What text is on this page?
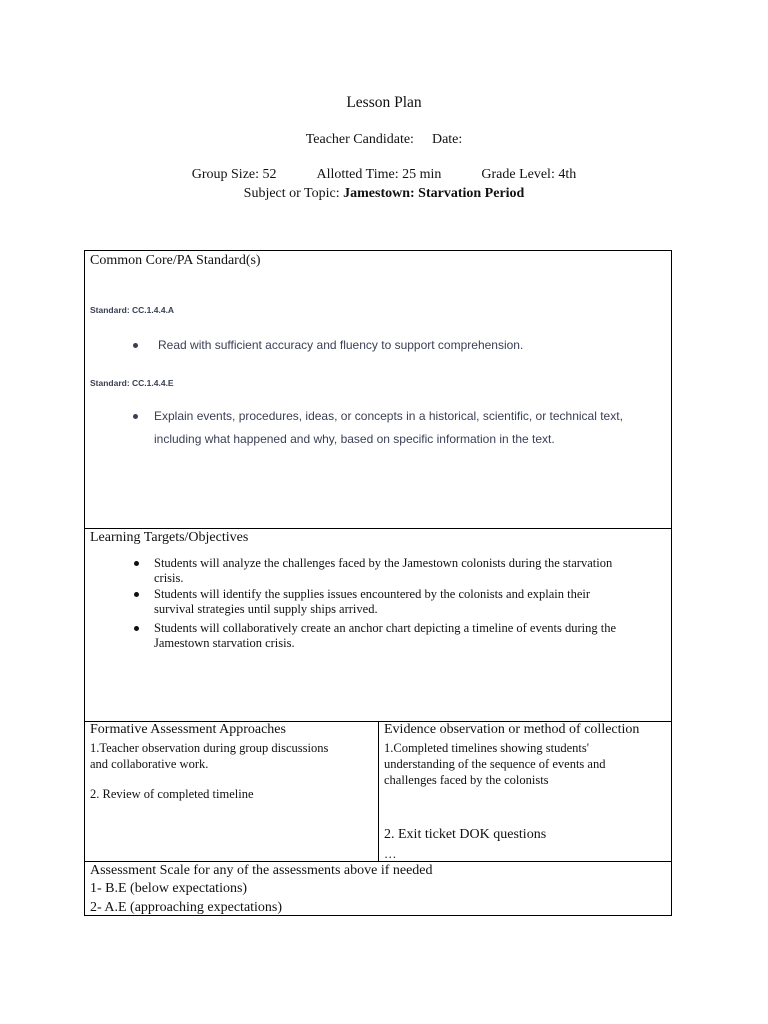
Lesson Plan
Teacher Candidate: Date:
Group Size: 52	Allotted Time: 25 min	Grade Level: 4th
Subject or Topic: Jamestown: Starvation Period
Common Core/PA Standard(s)
Standard: CC.1.4.4.A
Read with sufficient accuracy and fluency to support comprehension.
Standard: CC.1.4.4.E
Explain events, procedures, ideas, or concepts in a historical, scientific, or technical text,
including what happened and why, based on specific information in the text.
Learning Targets/Objectives
Students will analyze the challenges faced by the Jamestown colonists during the starvation
crisis.
Students will identify the supplies issues encountered by the colonists and explain their
survival strategies until supply ships arrived.
Students will collaboratively create an anchor chart depicting a timeline of events during the
Jamestown starvation crisis.
Formative Assessment Approaches
1.Teacher observation during group discussions
and collaborative work.
2. Review of completed timeline
Evidence observation or method of collection
1.Completed timelines showing students'
understanding of the sequence of events and
challenges faced by the colonists
2. Exit ticket DOK questions
…
Assessment Scale for any of the assessments above if needed
1- B.E (below expectations)
2- A.E (approaching expectations)
